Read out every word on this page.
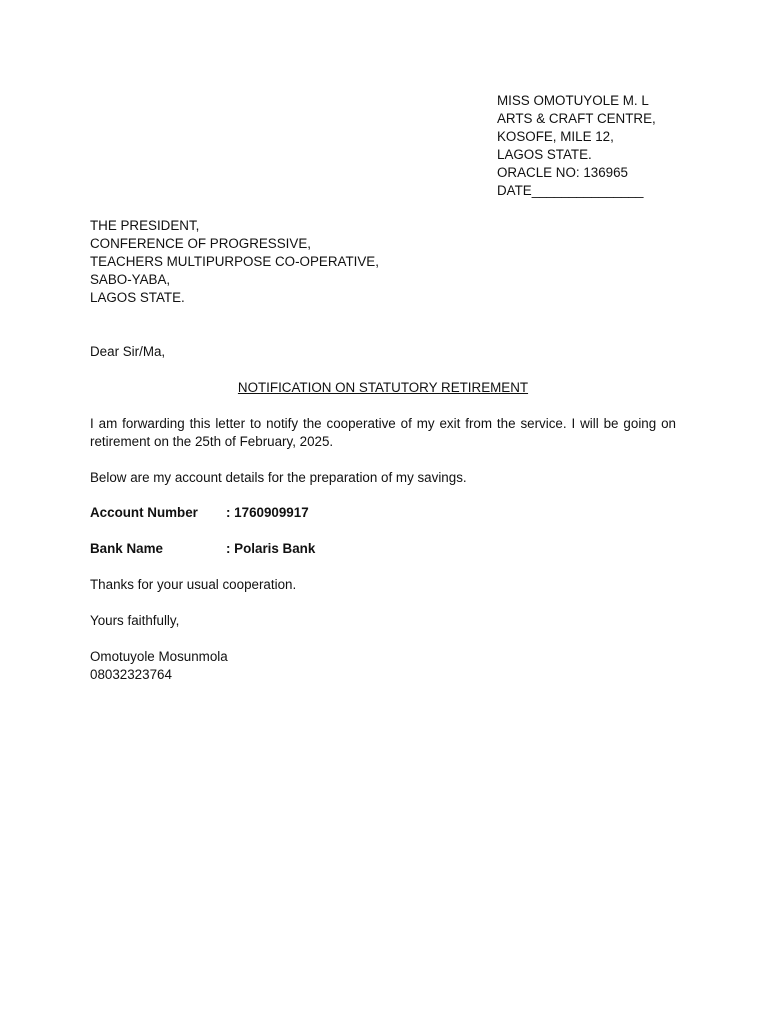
MISS OMOTUYOLE M. L
ARTS & CRAFT CENTRE,
KOSOFE, MILE 12,
LAGOS STATE.
ORACLE NO: 136965
DATE_______________
THE PRESIDENT,
CONFERENCE OF PROGRESSIVE,
TEACHERS MULTIPURPOSE CO-OPERATIVE,
SABO-YABA,
LAGOS STATE.
Dear Sir/Ma,
NOTIFICATION ON STATUTORY RETIREMENT
I am forwarding this letter to notify the cooperative of my exit from the service. I will be going on retirement on the 25th of February, 2025.
Below are my account details for the preparation of my savings.
Account Number : 1760909917
Bank Name	: Polaris Bank
Thanks for your usual cooperation.
Yours faithfully,
Omotuyole Mosunmola
08032323764
